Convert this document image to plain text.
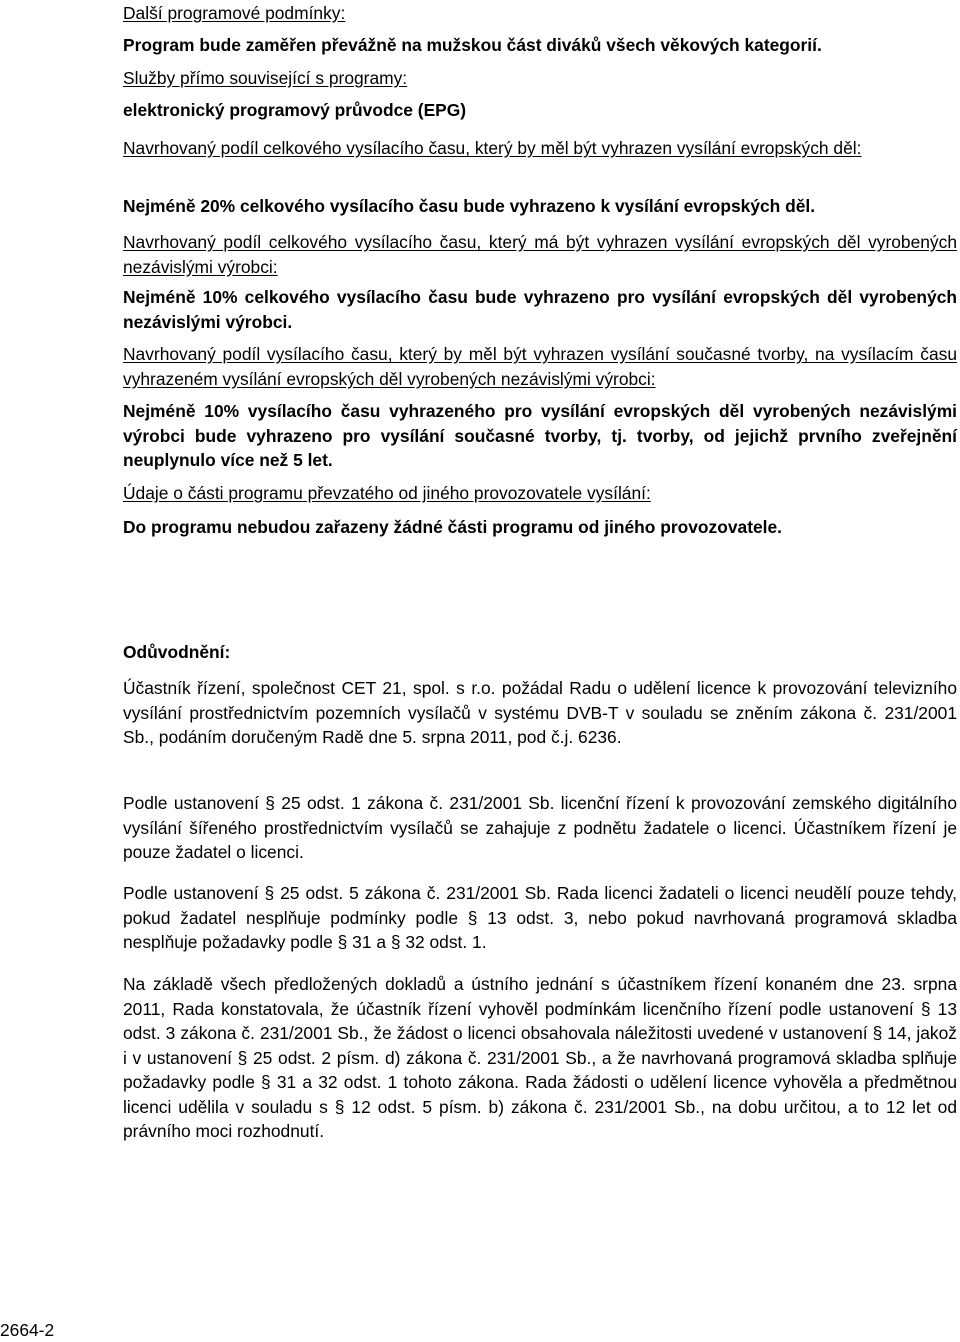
Další programové podmínky:

Program bude zaměřen převážně na mužskou část diváků všech věkových kategorií.

Služby přímo související s programy:

elektronický programový průvodce (EPG)

Navrhovaný podíl celkového vysílacího času, který by měl být vyhrazen vysílání evropských děl:

Nejméně 20% celkového vysílacího času bude vyhrazeno k vysílání evropských děl.

Navrhovaný podíl celkového vysílacího času, který má být vyhrazen vysílání evropských děl vyrobených nezávislými výrobci:

Nejméně 10% celkového vysílacího času bude vyhrazeno pro vysílání evropských děl vyrobených nezávislými výrobci.

Navrhovaný podíl vysílacího času, který by měl být vyhrazen vysílání současné tvorby, na vysílacím času vyhrazeném vysílání evropských děl vyrobených nezávislými výrobci:

Nejméně 10% vysílacího času vyhrazeného pro vysílání evropských děl vyrobených nezávislými výrobci bude vyhrazeno pro vysílání současné tvorby, tj. tvorby, od jejichž prvního zveřejnění neuplynulo více než 5 let.

Údaje o části programu převzatého od jiného provozovatele vysílání:

Do programu nebudou zařazeny žádné části programu od jiného provozovatele.

Odůvodnění:

Účastník řízení, společnost CET 21, spol. s r.o. požádal Radu o udělení licence k provozování televizního vysílání prostřednictvím pozemních vysílačů v systému DVB-T v souladu se zněním zákona č. 231/2001 Sb., podáním doručeným Radě dne 5. srpna 2011, pod č.j. 6236.

Podle ustanovení § 25 odst. 1 zákona č. 231/2001 Sb. licenční řízení k provozování zemského digitálního vysílání šířeného prostřednictvím vysílačů se zahajuje z podnětu žadatele o licenci. Účastníkem řízení je pouze žadatel o licenci.

Podle ustanovení § 25 odst. 5 zákona č. 231/2001 Sb. Rada licenci žadateli o licenci neudělí pouze tehdy, pokud žadatel nesplňuje podmínky podle § 13 odst. 3, nebo pokud navrhovaná programová skladba nesplňuje požadavky podle § 31 a § 32 odst. 1.

Na základě všech předložených dokladů a ústního jednání s účastníkem řízení konaném dne 23. srpna 2011, Rada konstatovala, že účastník řízení vyhověl podmínkám licenčního řízení podle ustanovení § 13 odst. 3 zákona č. 231/2001 Sb., že žádost o licenci obsahovala náležitosti uvedené v ustanovení § 14, jakož i v ustanovení § 25 odst. 2 písm. d) zákona č. 231/2001 Sb., a že navrhovaná programová skladba splňuje požadavky podle § 31 a 32 odst. 1 tohoto zákona. Rada žádosti o udělení licence vyhověla a předmětnou licenci udělila v souladu s § 12 odst. 5 písm. b) zákona č. 231/2001 Sb., na dobu určitou, a to 12 let od právního moci rozhodnutí.

2664-2
